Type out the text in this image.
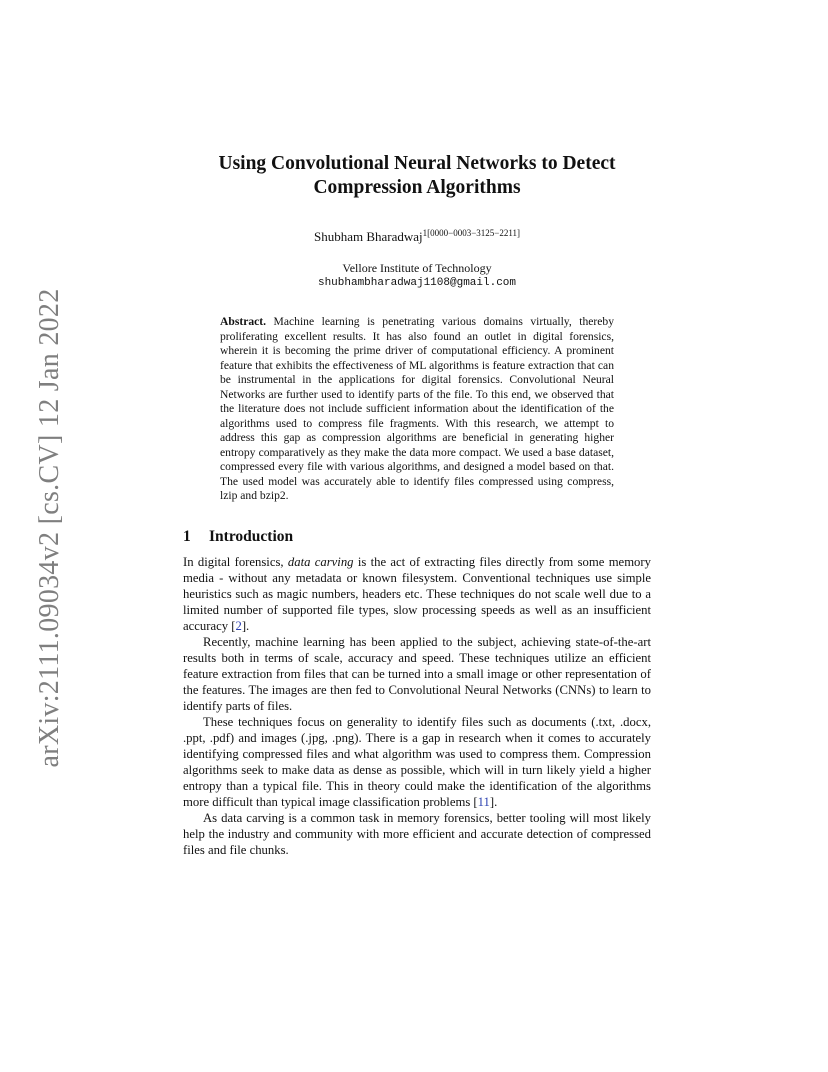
arXiv:2111.09034v2 [cs.CV] 12 Jan 2022
Using Convolutional Neural Networks to Detect
Compression Algorithms
Shubham Bharadwaj$^{1[0000-0003-3125-2211]}$
Vellore Institute of Technology
shubhambharadwaj1108@gmail.com
Abstract. Machine learning is penetrating various domains virtually, thereby proliferating excellent results. It has also found an outlet in digital forensics, wherein it is becoming the prime driver of computational efficiency. A prominent feature that exhibits the effectiveness of ML algorithms is feature extraction that can be instrumental in the applications for digital forensics. Convolutional Neural Networks are further used to identify parts of the file. To this end, we observed that the literature does not include sufficient information about the identification of the algorithms used to compress file fragments. With this research, we attempt to address this gap as compression algorithms are beneficial in generating higher entropy comparatively as they make the data more compact. We used a base dataset, compressed every file with various algorithms, and designed a model based on that. The used model was accurately able to identify files compressed using compress, lzip and bzip2.
1 Introduction

In digital forensics, data carving is the act of extracting files directly from some memory media - without any metadata or known filesystem. Conventional techniques use simple heuristics such as magic numbers, headers etc. These techniques do not scale well due to a limited number of supported file types, slow processing speeds as well as an insufficient accuracy [2].

Recently, machine learning has been applied to the subject, achieving state-of-the-art results both in terms of scale, accuracy and speed. These techniques utilize an efficient feature extraction from files that can be turned into a small image or other representation of the features. The images are then fed to Convolutional Neural Networks (CNNs) to learn to identify parts of files.

These techniques focus on generality to identify files such as documents (.txt, .docx, .ppt, .pdf) and images (.jpg, .png). There is a gap in research when it comes to accurately identifying compressed files and what algorithm was used to compress them. Compression algorithms seek to make data as dense as possible, which will in turn likely yield a higher entropy than a typical file. This in theory could make the identification of the algorithms more difficult than typical image classification problems [11].

As data carving is a common task in memory forensics, better tooling will most likely help the industry and community with more efficient and accurate detection of compressed files and file chunks.
